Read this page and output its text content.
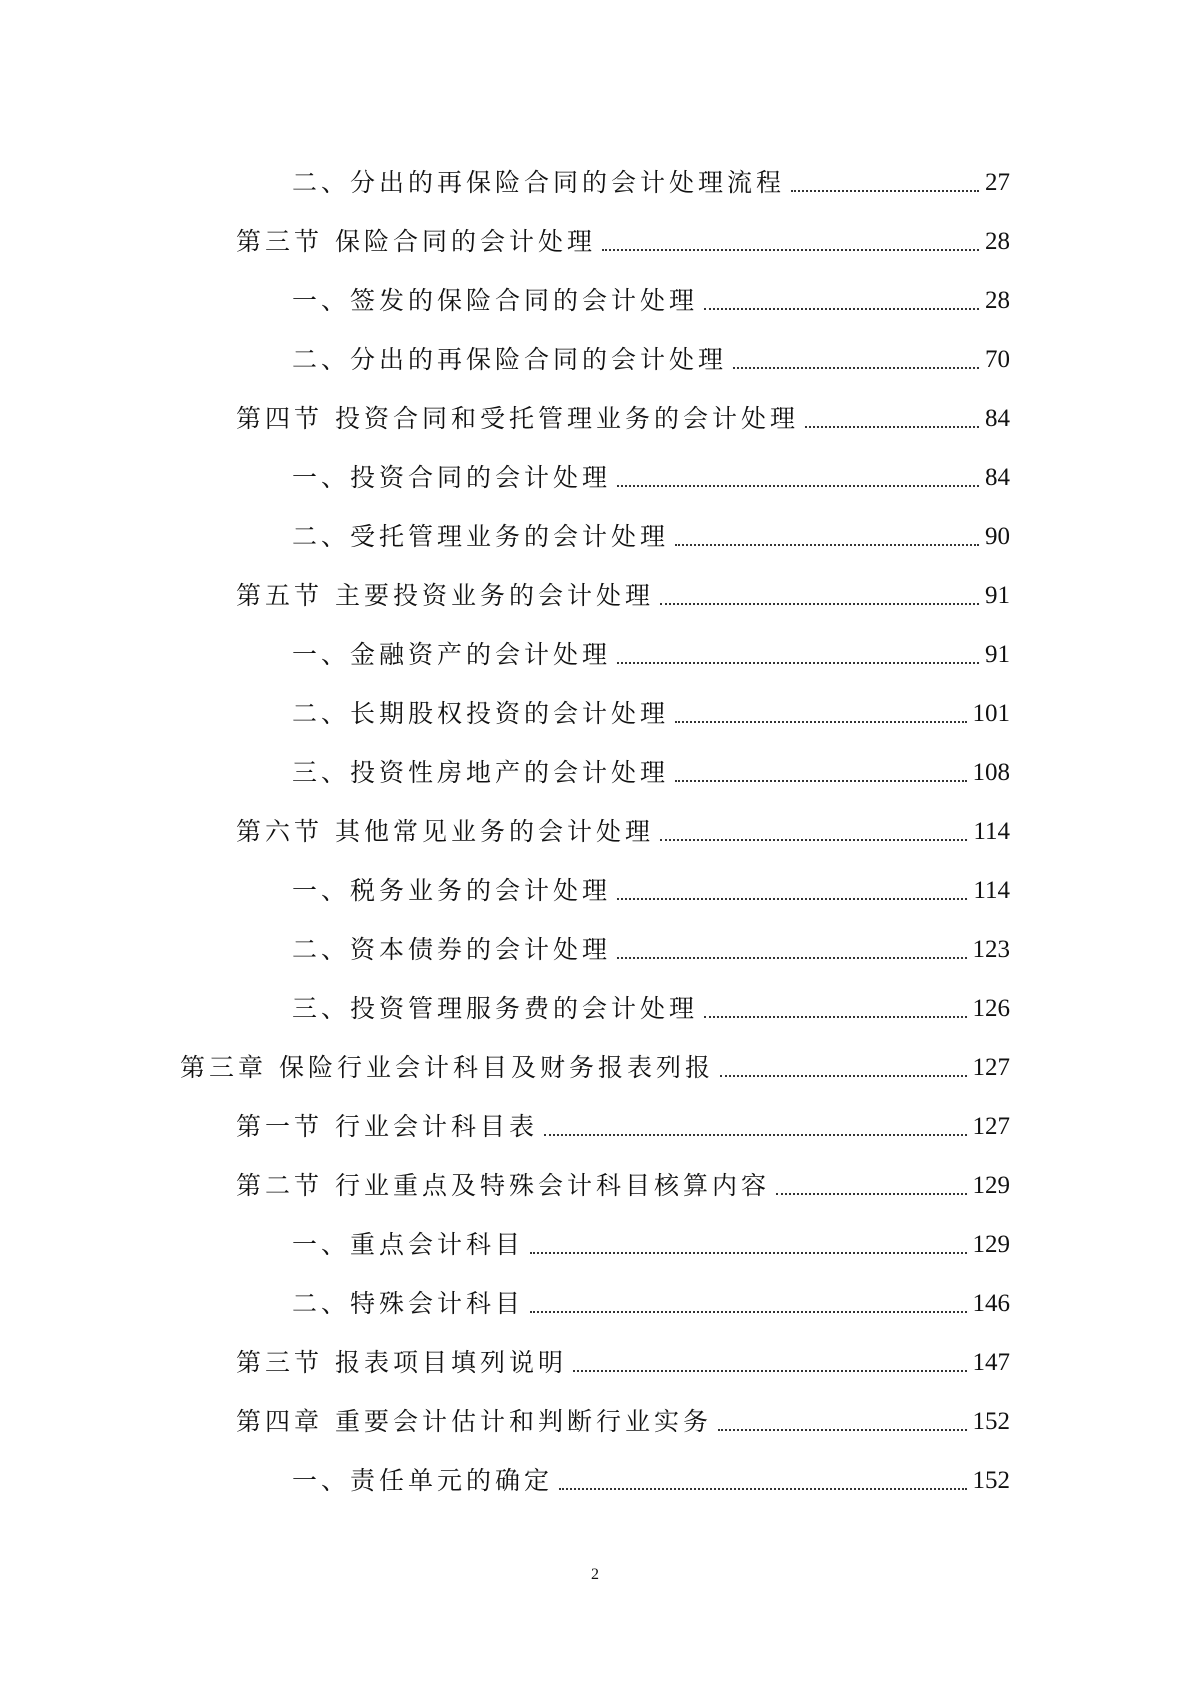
二、分出的再保险合同的会计处理流程	27
第三节 保险合同的会计处理	28
一、签发的保险合同的会计处理	28
二、分出的再保险合同的会计处理	70
第四节 投资合同和受托管理业务的会计处理	84
一、投资合同的会计处理	84
二、受托管理业务的会计处理	90
第五节 主要投资业务的会计处理	91
一、金融资产的会计处理	91
二、长期股权投资的会计处理	101
三、投资性房地产的会计处理	108
第六节 其他常见业务的会计处理	114
一、税务业务的会计处理	114
二、资本债券的会计处理	123
三、投资管理服务费的会计处理	126
第三章 保险行业会计科目及财务报表列报	127
第一节 行业会计科目表	127
第二节 行业重点及特殊会计科目核算内容	129
一、重点会计科目	129
二、特殊会计科目	146
第三节 报表项目填列说明	147
第四章 重要会计估计和判断行业实务	152
一、责任单元的确定	152
2
